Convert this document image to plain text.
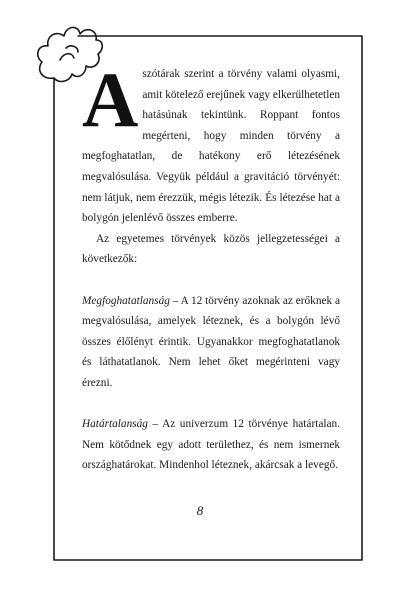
Aszótárak szerint a törvény valami olyasmi, amit kötelező erejűnek vagy elkerülhetetlen hatásúnak tekintünk. Roppant fontos megérteni, hogy minden törvény a megfoghatatlan, de hatékony erő létezésének megvalósulása. Vegyük például a gravitáció törvényét: nem látjuk, nem érezzük, mégis létezik. És létezése hat a bolygón jelenlévő összes emberre.

Az egyetemes törvények közös jellegzetességei a következők:

Megfoghatatlanság – A 12 törvény azoknak az erőknek a megvalósulása, amelyek léteznek, és a bolygón lévő összes élőlényt érintik. Ugyanakkor megfoghatatlanok és láthatatlanok. Nem lehet őket megérinteni vagy érezni.

Határtalanság – Az univerzum 12 törvénye határtalan. Nem kötődnek egy adott területhez, és nem ismernek országhatárokat. Mindenhol léteznek, akárcsak a levegő.

8
